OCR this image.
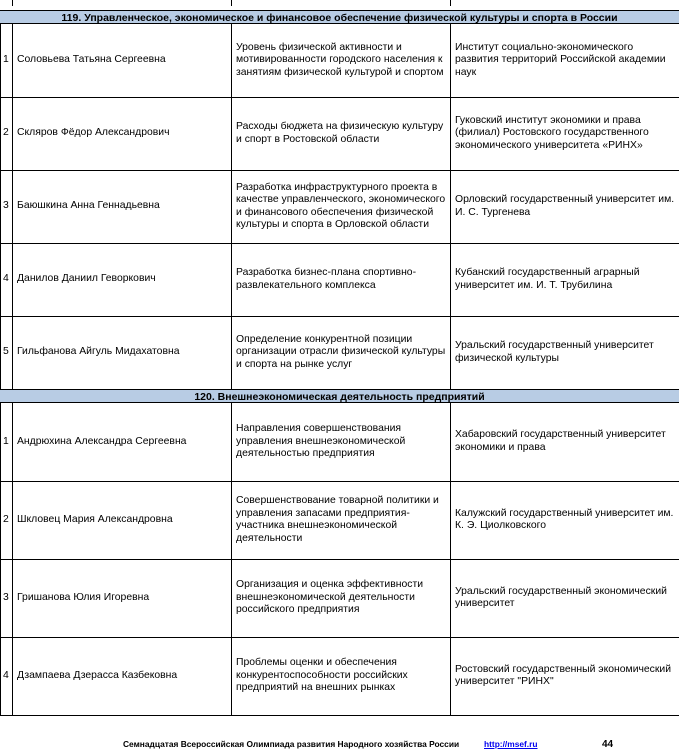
119. Управленческое, экономическое и финансовое обеспечение физической культуры и спорта в России
1	Соловьева Татьяна Сергеевна	Уровень физической активности и мотивированности городского населения к занятиям физической культурой и спортом	Институт социально-экономического развития территорий Российской академии наук
2	Скляров Фёдор Александрович	Расходы бюджета на физическую культуру и спорт в Ростовской области	Гуковский институт экономики и права (филиал) Ростовского государственного экономического университета «РИНХ»
3	Баюшкина Анна Геннадьевна	Разработка инфраструктурного проекта в качестве управленческого, экономического и финансового обеспечения физической культуры и спорта в Орловской области	Орловский государственный университет им. И. С. Тургенева
4	Данилов Даниил Геворкович	Разработка бизнес-плана спортивно-развлекательного комплекса	Кубанский государственный аграрный университет им. И. Т. Трубилина
5	Гильфанова Айгуль Мидахатовна	Определение конкурентной позиции организации отрасли физической культуры и спорта на рынке услуг	Уральский государственный университет физической культуры
120. Внешнеэкономическая деятельность предприятий
1	Андрюхина Александра Сергеевна	Направления совершенствования управления внешнеэкономической деятельностью предприятия	Хабаровский государственный университет экономики и права
2	Шкловец Мария Александровна	Совершенствование товарной политики и управления запасами предприятия-участника внешнеэкономической деятельности	Калужский государственный университет им. К. Э. Циолковского
3	Гришанова Юлия Игоревна	Организация и оценка эффективности внешнеэкономической деятельности российского предприятия	Уральский государственный экономический университет
4	Дзампаева Дзерасса Казбековна	Проблемы оценки и обеспечения конкурентоспособности российских предприятий на внешних рынках	Ростовский государственный экономический университет "РИНХ"
Семнадцатая Всероссийская Олимпиада развития Народного хозяйства России	http://msef.ru	44
